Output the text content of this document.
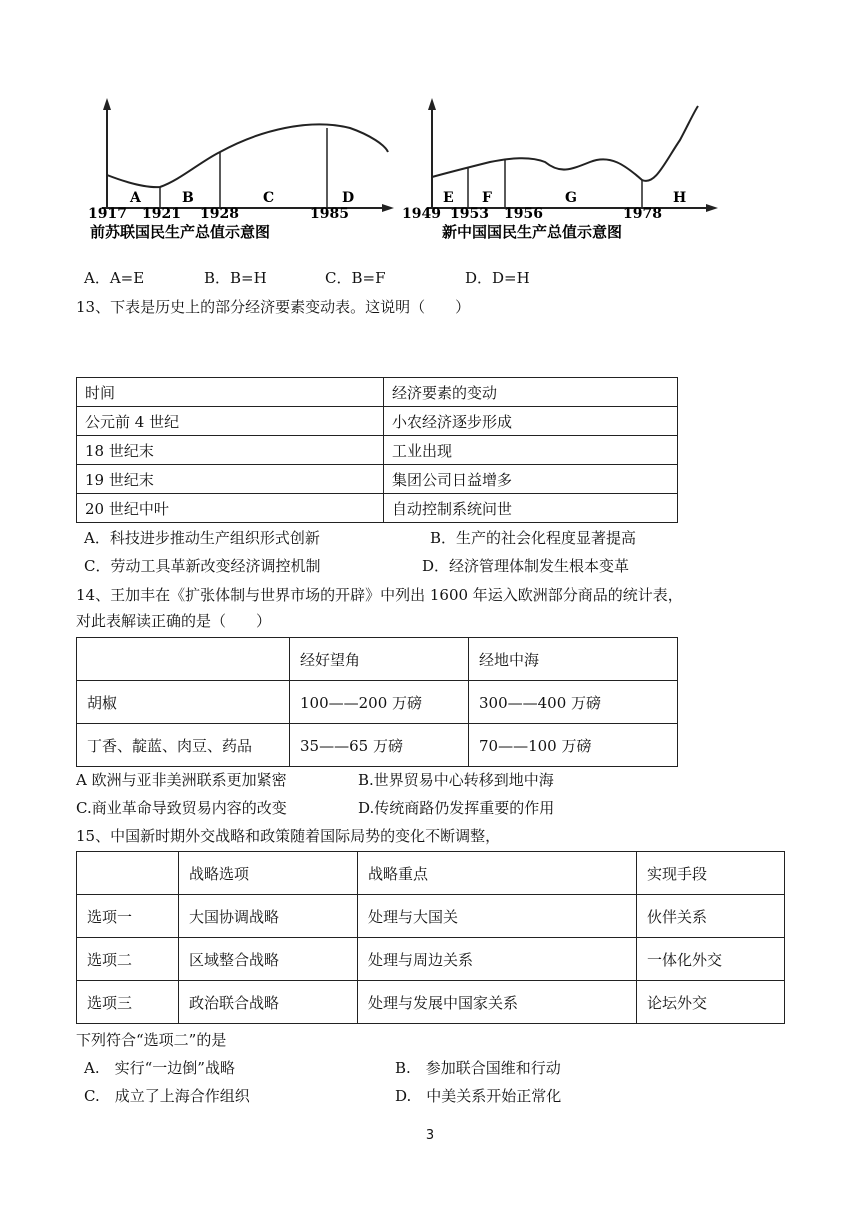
A	B	C	D
1917 1921 1928	1985
前苏联国民生产总值示意图
E F	G	H
1949 1953 1956	1978
新中国国民生产总值示意图
A．A=E	B．B=H	C．B=F	D．D=H
13、下表是历史上的部分经济要素变动表。这说明（　　）
时间	经济要素的变动
公元前 4 世纪	小农经济逐步形成
18 世纪末	工业出现
19 世纪末	集团公司日益增多
20 世纪中叶	自动控制系统问世
A．科技进步推动生产组织形式创新	B．生产的社会化程度显著提高
C．劳动工具革新改变经济调控机制	D．经济管理体制发生根本变革
14、王加丰在《扩张体制与世界市场的开辟》中列出 1600 年运入欧洲部分商品的统计表，
对此表解读正确的是（　　）
	经好望角	经地中海
胡椒	100——200 万磅	300——400 万磅
丁香、靛蓝、肉豆、药品	35——65 万磅	70——100 万磅
A 欧洲与亚非美洲联系更加紧密	B.世界贸易中心转移到地中海
C.商业革命导致贸易内容的改变	D.传统商路仍发挥重要的作用
15、中国新时期外交战略和政策随着国际局势的变化不断调整，
	战略选项	战略重点	实现手段
选项一	大国协调战略	处理与大国关	伙伴关系
选项二	区域整合战略	处理与周边关系	一体化外交
选项三	政治联合战略	处理与发展中国家关系	论坛外交
下列符合“选项二”的是
A.　实行“一边倒”战略	B.　参加联合国维和行动
C.　成立了上海合作组织	D.　中美关系开始正常化
3
